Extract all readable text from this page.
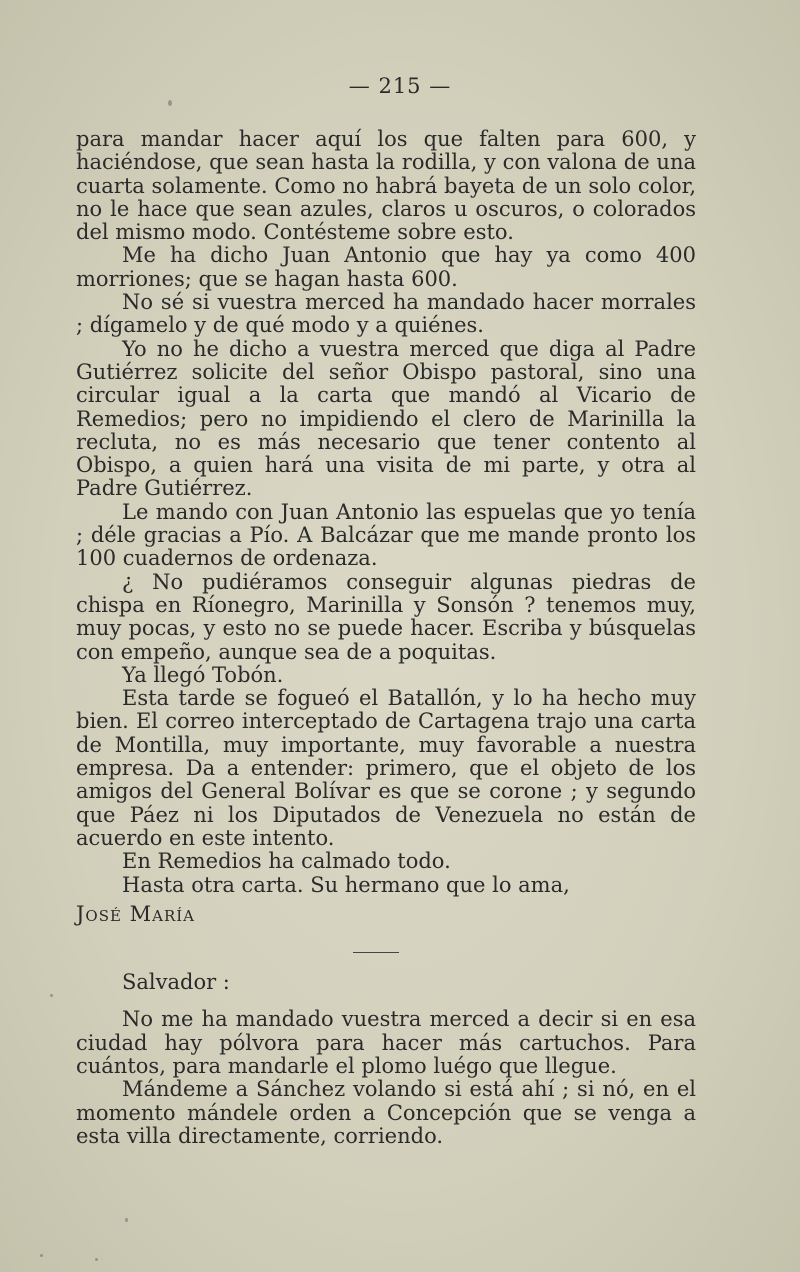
— 215 —

para mandar hacer aquí los que falten para 600, y haciéndose, que sean hasta la rodilla, y con valona de una cuarta solamente. Como no habrá bayeta de un solo color, no le hace que sean azules, claros u oscuros, o colorados del mismo modo. Contésteme sobre esto.

Me ha dicho Juan Antonio que hay ya como 400 morriones; que se hagan hasta 600.

No sé si vuestra merced ha mandado hacer morrales ; dígamelo y de qué modo y a quiénes.

Yo no he dicho a vuestra merced que diga al Padre Gutiérrez solicite del señor Obispo pastoral, sino una circular igual a la carta que mandó al Vicario de Remedios; pero no impidiendo el clero de Marinilla la recluta, no es más necesario que tener contento al Obispo, a quien hará una visita de mi parte, y otra al Padre Gutiérrez.

Le mando con Juan Antonio las espuelas que yo tenía ; déle gracias a Pío. A Balcázar que me mande pronto los 100 cuadernos de ordenaza.

¿ No pudiéramos conseguir algunas piedras de chispa en Ríonegro, Marinilla y Sonsón ? tenemos muy, muy pocas, y esto no se puede hacer. Escriba y búsquelas con empeño, aunque sea de a poquitas.

Ya llegó Tobón.

Esta tarde se fogueó el Batallón, y lo ha hecho muy bien. El correo interceptado de Cartagena trajo una carta de Montilla, muy importante, muy favorable a nuestra empresa. Da a entender: primero, que el objeto de los amigos del General Bolívar es que se corone ; y segundo que Páez ni los Diputados de Venezuela no están de acuerdo en este intento.

En Remedios ha calmado todo.

Hasta otra carta. Su hermano que lo ama,

José María

Salvador :

No me ha mandado vuestra merced a decir si en esa ciudad hay pólvora para hacer más cartuchos. Para cuántos, para mandarle el plomo luégo que llegue.

Mándeme a Sánchez volando si está ahí ; si nó, en el momento mándele orden a Concepción que se venga a esta villa directamente, corriendo.
